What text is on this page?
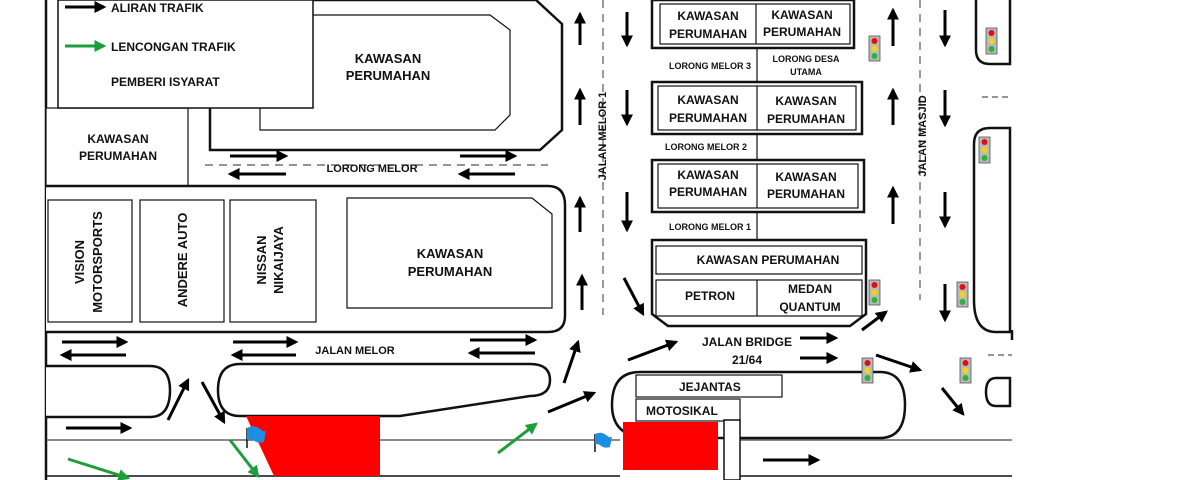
ALIRAN TRAFIK
LENCONGAN TRAFIK
PEMBERI ISYARAT
KAWASAN
PERUMAHAN
KAWASAN
PERUMAHAN
KAWASAN
PERUMAHAN
VISION MOTORSPORTS	ANDERE AUTO	NISSAN NIKAIJAYA
KAWASAN
PERUMAHAN
KAWASAN
PERUMAHAN
KAWASAN
PERUMAHAN
KAWASAN
PERUMAHAN
KAWASAN
PERUMAHAN
KAWASAN
PERUMAHAN
KAWASAN PERUMAHAN
PETRON	MEDAN
QUANTUM
JEJANTAS
MOTOSIKAL
LORONG MELOR
JALAN MELOR
JALAN MELOR 1	JALAN MASJID
LORONG MELOR 3
LORONG DESA
UTAMA
LORONG MELOR 2
LORONG MELOR 1
JALAN BRIDGE
21/64
